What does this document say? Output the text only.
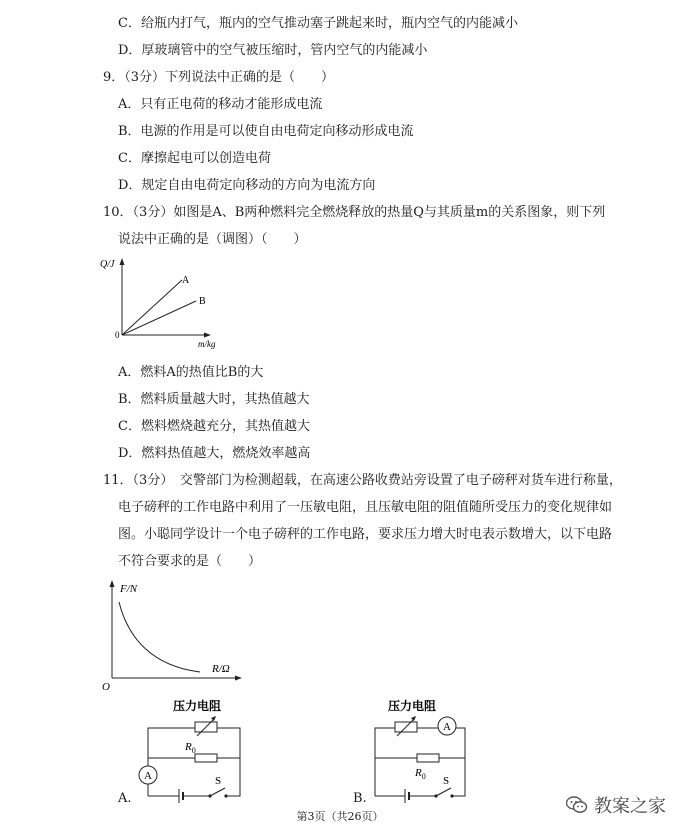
C．给瓶内打气，瓶内的空气推动塞子跳起来时，瓶内空气的内能减小
D．厚玻璃管中的空气被压缩时，管内空气的内能减小
9．（3分）下列说法中正确的是（　　）
A．只有正电荷的移动才能形成电流
B．电源的作用是可以使自由电荷定向移动形成电流
C．摩擦起电可以创造电荷
D．规定自由电荷定向移动的方向为电流方向
10．（3分）如图是A、B两种燃料完全燃烧释放的热量Q与其质量m的关系图象，则下列
说法中正确的是（调图）（　　）
Q/J
m/kg
0
A
B
A．燃料A的热值比B的大
B．燃料质量越大时，其热值越大
C．燃料燃烧越充分，其热值越大
D．燃料热值越大，燃烧效率越高
11．（3分）　交警部门为检测超载，在高速公路收费站旁设置了电子磅秤对货车进行称量，
电子磅秤的工作电路中利用了一压敏电阻，且压敏电阻的阻值随所受压力的变化规律如
图。小聪同学设计一个电子磅秤的工作电路，要求压力增大时电表示数增大，以下电路
不符合要求的是（　　）
F/N
R/Ω
O
压力电阻
$R_0$
A	S
A.
压力电阻
A
$R_0$ S
B.
第3页（共26页）	教案之家
